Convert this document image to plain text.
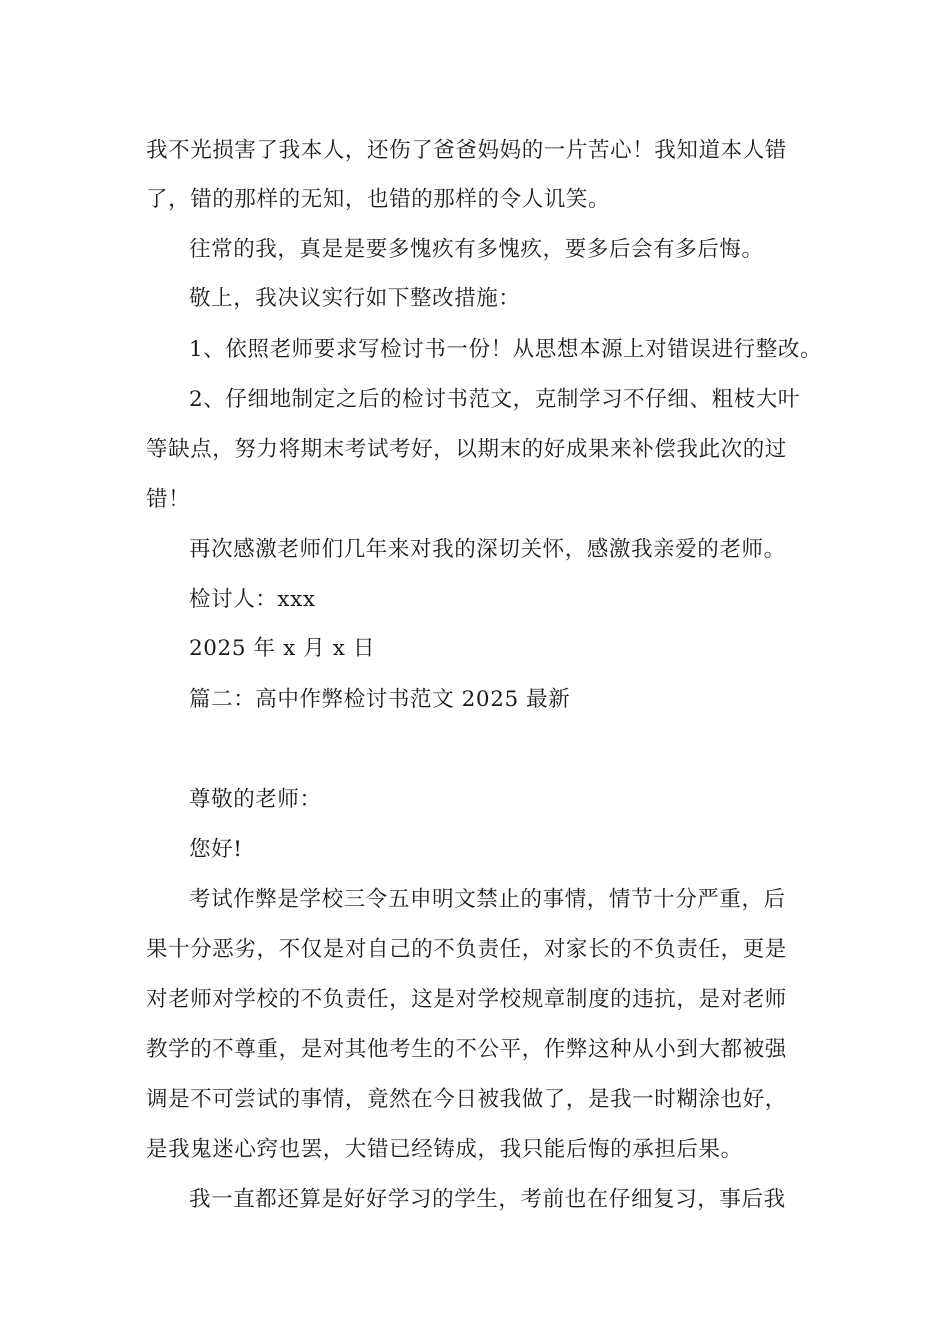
我不光损害了我本人，还伤了爸爸妈妈的一片苦心！我知道本人错
了，错的那样的无知，也错的那样的令人讥笑。
往常的我，真是是要多愧疚有多愧疚，要多后会有多后悔。
敬上，我决议实行如下整改措施：
1、依照老师要求写检讨书一份！从思想本源上对错误进行整改。
2、仔细地制定之后的检讨书范文，克制学习不仔细、粗枝大叶
等缺点，努力将期末考试考好，以期末的好成果来补偿我此次的过
错！
再次感激老师们几年来对我的深切关怀，感激我亲爱的老师。
检讨人：xxx
2025 年 x 月 x 日
篇二：高中作弊检讨书范文 2025 最新
尊敬的老师：
您好!
考试作弊是学校三令五申明文禁止的事情，情节十分严重，后
果十分恶劣，不仅是对自己的不负责任，对家长的不负责任，更是
对老师对学校的不负责任，这是对学校规章制度的违抗，是对老师
教学的不尊重，是对其他考生的不公平，作弊这种从小到大都被强
调是不可尝试的事情，竟然在今日被我做了，是我一时糊涂也好，
是我鬼迷心窍也罢，大错已经铸成，我只能后悔的承担后果。
我一直都还算是好好学习的学生，考前也在仔细复习，事后我
